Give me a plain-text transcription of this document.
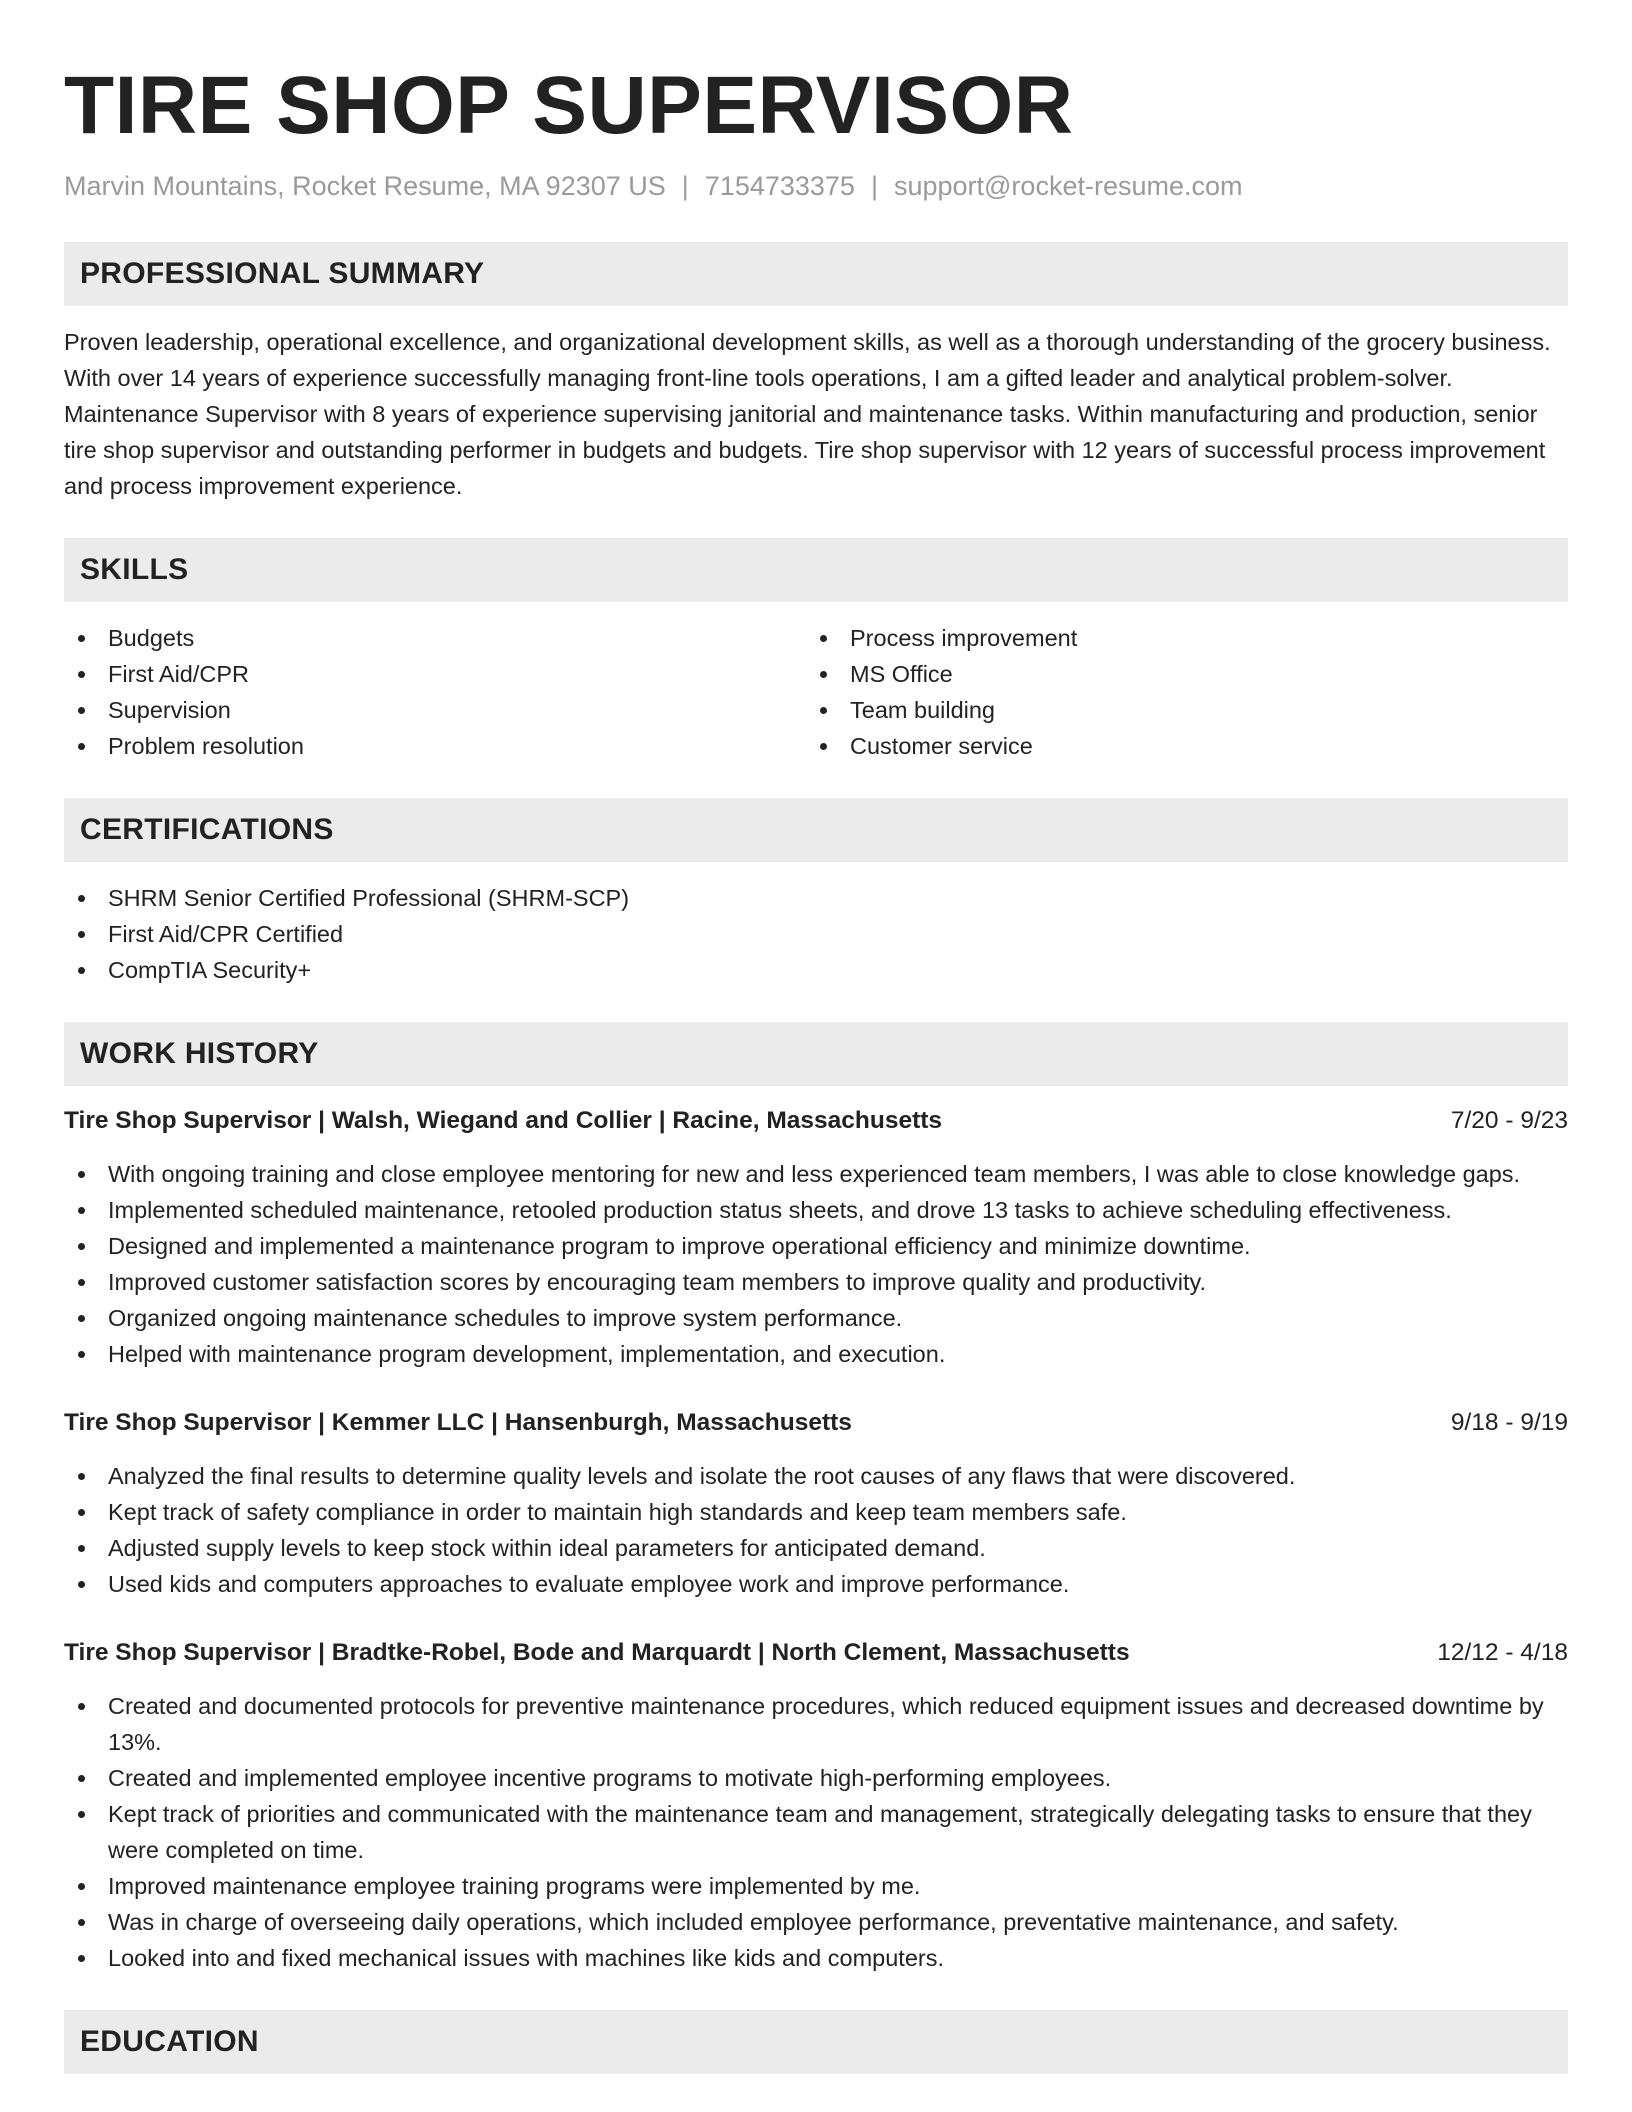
TIRE SHOP SUPERVISOR
Marvin Mountains, Rocket Resume, MA 92307 US | 7154733375 | support@rocket-resume.com
PROFESSIONAL SUMMARY

Proven leadership, operational excellence, and organizational development skills, as well as a thorough understanding of the grocery business. With over 14 years of experience successfully managing front-line tools operations, I am a gifted leader and analytical problem-solver. Maintenance Supervisor with 8 years of experience supervising janitorial and maintenance tasks. Within manufacturing and production, senior tire shop supervisor and outstanding performer in budgets and budgets. Tire shop supervisor with 12 years of successful process improvement and process improvement experience.

SKILLS
Budgets
First Aid/CPR
Supervision
Problem resolution
Process improvement
MS Office
Team building
Customer service
CERTIFICATIONS
SHRM Senior Certified Professional (SHRM-SCP)
First Aid/CPR Certified
CompTIA Security+
WORK HISTORY
Tire Shop Supervisor | Walsh, Wiegand and Collier | Racine, Massachusetts	7/20 - 9/23
With ongoing training and close employee mentoring for new and less experienced team members, I was able to close knowledge gaps.
Implemented scheduled maintenance, retooled production status sheets, and drove 13 tasks to achieve scheduling effectiveness.
Designed and implemented a maintenance program to improve operational efficiency and minimize downtime.
Improved customer satisfaction scores by encouraging team members to improve quality and productivity.
Organized ongoing maintenance schedules to improve system performance.
Helped with maintenance program development, implementation, and execution.
Tire Shop Supervisor | Kemmer LLC | Hansenburgh, Massachusetts	9/18 - 9/19
Analyzed the final results to determine quality levels and isolate the root causes of any flaws that were discovered.
Kept track of safety compliance in order to maintain high standards and keep team members safe.
Adjusted supply levels to keep stock within ideal parameters for anticipated demand.
Used kids and computers approaches to evaluate employee work and improve performance.
Tire Shop Supervisor | Bradtke-Robel, Bode and Marquardt | North Clement, Massachusetts	12/12 - 4/18
Created and documented protocols for preventive maintenance procedures, which reduced equipment issues and decreased downtime by 13%.
Created and implemented employee incentive programs to motivate high-performing employees.
Kept track of priorities and communicated with the maintenance team and management, strategically delegating tasks to ensure that they were completed on time.
Improved maintenance employee training programs were implemented by me.
Was in charge of overseeing daily operations, which included employee performance, preventative maintenance, and safety.
Looked into and fixed mechanical issues with machines like kids and computers.
EDUCATION
